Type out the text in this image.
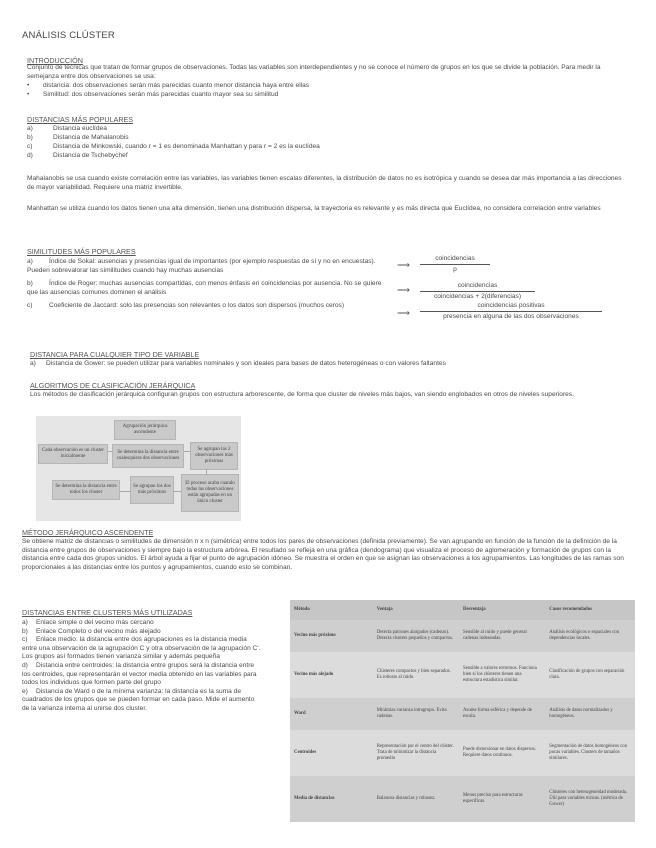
ANÁLISIS CLÚSTER
INTRODUCCIÓN
Conjunto de técnicas que tratan de formar grupos de observaciones. Todas las variables son interdependientes y no se conoce el número de grupos en los que se divide la población. Para medir la semejanza entre dos observaciones se usa:
• distancia: dos observaciones serán más parecidas cuanto menor distancia haya entre ellas
• Similitud: dos observaciones serán más parecidas cuanto mayor sea su similitud
DISTANCIAS MÁS POPULARES
a)	Distancia euclídea
b)	Distancia de Mahalanobis
c)	Distancia de Minkowski, cuando r = 1 es denominada Manhattan y para r = 2 es la euclídea
d)	Distancia de Tschebychef
Mahalanobis se usa cuando existe correlación entre las variables, las variables tienen escalas diferentes, la distribución de datos no es isotrópica y cuando se desea dar más importancia a las direcciones de mayor variabilidad. Requiere una matriz invertible.
Manhattan se utiliza cuando los datos tienen una alta dimensión, tienen una distribución dispersa, la trayectoria es relevante y es más directa que Euclídea, no considera correlación entre variables
SIMILITUDES MÁS POPULARES
a) Índice de Sokal: ausencias y presencias igual de importantes (por ejemplo respuestas de sí y no en encuestas). Pueden sobrevalorar las similitudes cuando hay muchas ausencias
b) Índice de Roger: muchas ausencias compartidas, con menos énfasis en coincidencias por ausencia. No se quiere que las ausencias comunes dominen el análisis
c)	Coeficiente de Jaccard: solo las presencias son relevantes o los datos son dispersos (muchos ceros)
⟶
coincidencias
p
⟶	coincidencias
coincidencias + 2(diferencias)
⟶
coincidencias positivas
presencia en alguna de las dos observaciones
DISTANCIA PARA CUALQUIER TIPO DE VARIABLE
a) Distancia de Gower: se pueden utilizar para variables nominales y son ideales para bases de datos heterogéneas o con valores faltantes
ALGORITMOS DE CLASIFICACIÓN JERÁRQUICA
Los métodos de clasificación jerárquica configuran grupos con estructura arborescente, de forma que cluster de niveles más bajos, van siendo englobados en otros de niveles superiores.
Agrupación jerárquica ascendente
Cada observación es un cluster inicialmente
Se determina la distancia entre cualesquiera dos observaciones
Se agrupan las 2 observaciones más próximas
Se determina la distancia entre todos los cluster
Se agrupan los dos más próximos
El proceso acaba cuando todas las observaciones están agrupadas en un único cluster
MÉTODO JERÁRQUICO ASCENDENTE
Se obtiene matriz de distancias o similitudes de dimensión n x n (simétrica) entre todos los pares de observaciones (definida previamente). Se van agrupando en función de la función de la definición de la distancia entre grupos de observaciones y siempre bajo la estructura arbórea. El resultado se refleja en una gráfica (dendograma) que visualiza el proceso de aglomeración y formación de grupos con la distancia entre cada dos grupos unidos. El árbol ayuda a fijar el punto de agrupación idóneo. Se muestra el orden en que se asignan las observaciones a los agrupamientos. Las longitudes de las ramas son proporcionales a las distancias entre los puntos y agrupamientos, cuando esto se combinan.
DISTANCIAS ENTRE CLUSTERS MÁS UTILIZADAS
a) Enlace simple o del vecino más cercano
b) Enlace Completo o del vecino más alejado
c) Enlace medio: la distancia entre dos agrupaciones es la distancia media entre una observación de la agrupación C y otra observación de la agrupación C'. Los grupos así formados tienen varianza similar y además pequeña
d) Distancia entre centroides: la distancia entre grupos será la distancia entre los centroides, que representarán el vector media obtenido en las variables para todos los individuos que formen parte del grupo
e) Distancia de Ward o de la mínima varianza: la distancia es la suma de cuadrados de los grupos que se pueden formar en cada paso. Mide el aumento de la varianza interna al unirse dos cluster.
Método	Ventaja	Desventaja	Casos recomendados
Vecino más próximo	Detecta patrones alargados (cadenas). Detecta clusters pequeños y compactos.	Sensible al ruido y puede generar cadenas indeseadas.	Análisis ecológicos o espaciales con dependencias locales.
Vecino más alejado	Clústeres compactos y bien separados. Es robusto al ruido.	Sensible a valores extremos. Funciona bien si los clústeres tienen una estructura estadística similar.	Clasificación de grupos con separación clara.
Ward	Minimiza varianza intragrupo. Evita cadenas.	Asume forma esférica y depende de escala.	Análisis de datos normalizados y homogéneos.
Centroides	Representación por el centro del clúster. Trata de minimizar la distancia promedio	Puede distorsionar en datos dispersos. Requiere datos continuos.	Segmentación de datos homogéneos con pocas variables. Clusters de tamaños similares.
Media de distancias	Balancea distancias y robusez.	Menos preciso para estructuras específicas.	Clústeres con heterogeneidad moderada. Útil para variables mixtas. (métrica de Gower)
